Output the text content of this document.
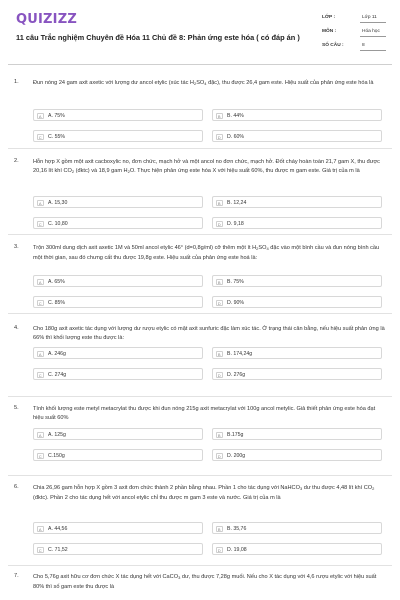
QUIZIZZ
11 câu Trắc nghiệm Chuyên đề Hóa 11 Chủ đề 8: Phản ứng este hóa ( có đáp án )
LỚP :	Lớp 11
MÔN :	Hóa học
SỐ CÂU :	8
1.	Đun nóng 24 gam axit axetic với lượng dư ancol etylic (xúc tác $H_2SO_4$ đặc), thu được 26,4 gam este. Hiệu suất của phản ứng este hóa là
A	A. 75%	B	B. 44%
C	C. 55%	D	D. 60%
2.	Hỗn hợp X gồm một axit cacboxylic no, đơn chức, mạch hở và một ancol no đơn chức, mạch hở. Đốt cháy hoàn toàn 21,7 gam X, thu được 20,16 lít khí $CO_2$ (đktc) và 18,9 gam $H_2O$. Thực hiện phản ứng este hóa X với hiệu suất 60%, thu được m gam este. Giá trị của m là
A	A. 15,30	B	B. 12,24
C	C. 10,80	D	D. 9,18
3.	Trộn 300ml dung dịch axit axetic 1M và 50ml ancol etylic 46° (d=0,8g/ml) cỡ thêm một ít $H_2SO_4$ đặc vào một bình cầu và đun nóng bình cầu một thời gian, sau đó chưng cất thu được 19,8g este. Hiệu suất của phản ứng este hoá là:
A	A. 65%	B	B. 75%
C	C. 85%	D	D. 90%
4.	Cho 180g axit axetic tác dụng với lượng dư rượu etylic có mặt axit sunfuric đặc làm xúc tác. Ở trạng thái cân bằng, nếu hiệu suất phản ứng là 66% thì khối lượng este thu được là:
A	A. 246g	B	B. 174,24g
C	C. 274g	D	D. 276g
5.	Tính khối lượng este metyl metacrylat thu được khi đun nóng 215g axit metacrylat với 100g ancol metylic. Giả thiết phản ứng este hóa đạt hiệu suất 60%
A	A. 125g	B	B.175g
C	C.150g	D	D. 200g
6.	Chia 26,96 gam hỗn hợp X gồm 3 axit đơn chức thành 2 phần bằng nhau. Phần 1 cho tác dụng với NaHCO$_3$ dư thu được 4,48 lít khí $CO_2$ (đktc). Phần 2 cho tác dụng hết với ancol etylic chỉ thu được m gam 3 este và nước. Giá trị của m là
A	A. 44,56	B	B. 35,76
C	C. 71,52	D	D. 19,08
7.	Cho 5,76g axit hữu cơ đơn chức X tác dụng hết với CaCO$_3$ dư, thu được 7,28g muối. Nếu cho X tác dụng với 4,6 rượu etylic với hiệu suất 80% thì số gam este thu được là
